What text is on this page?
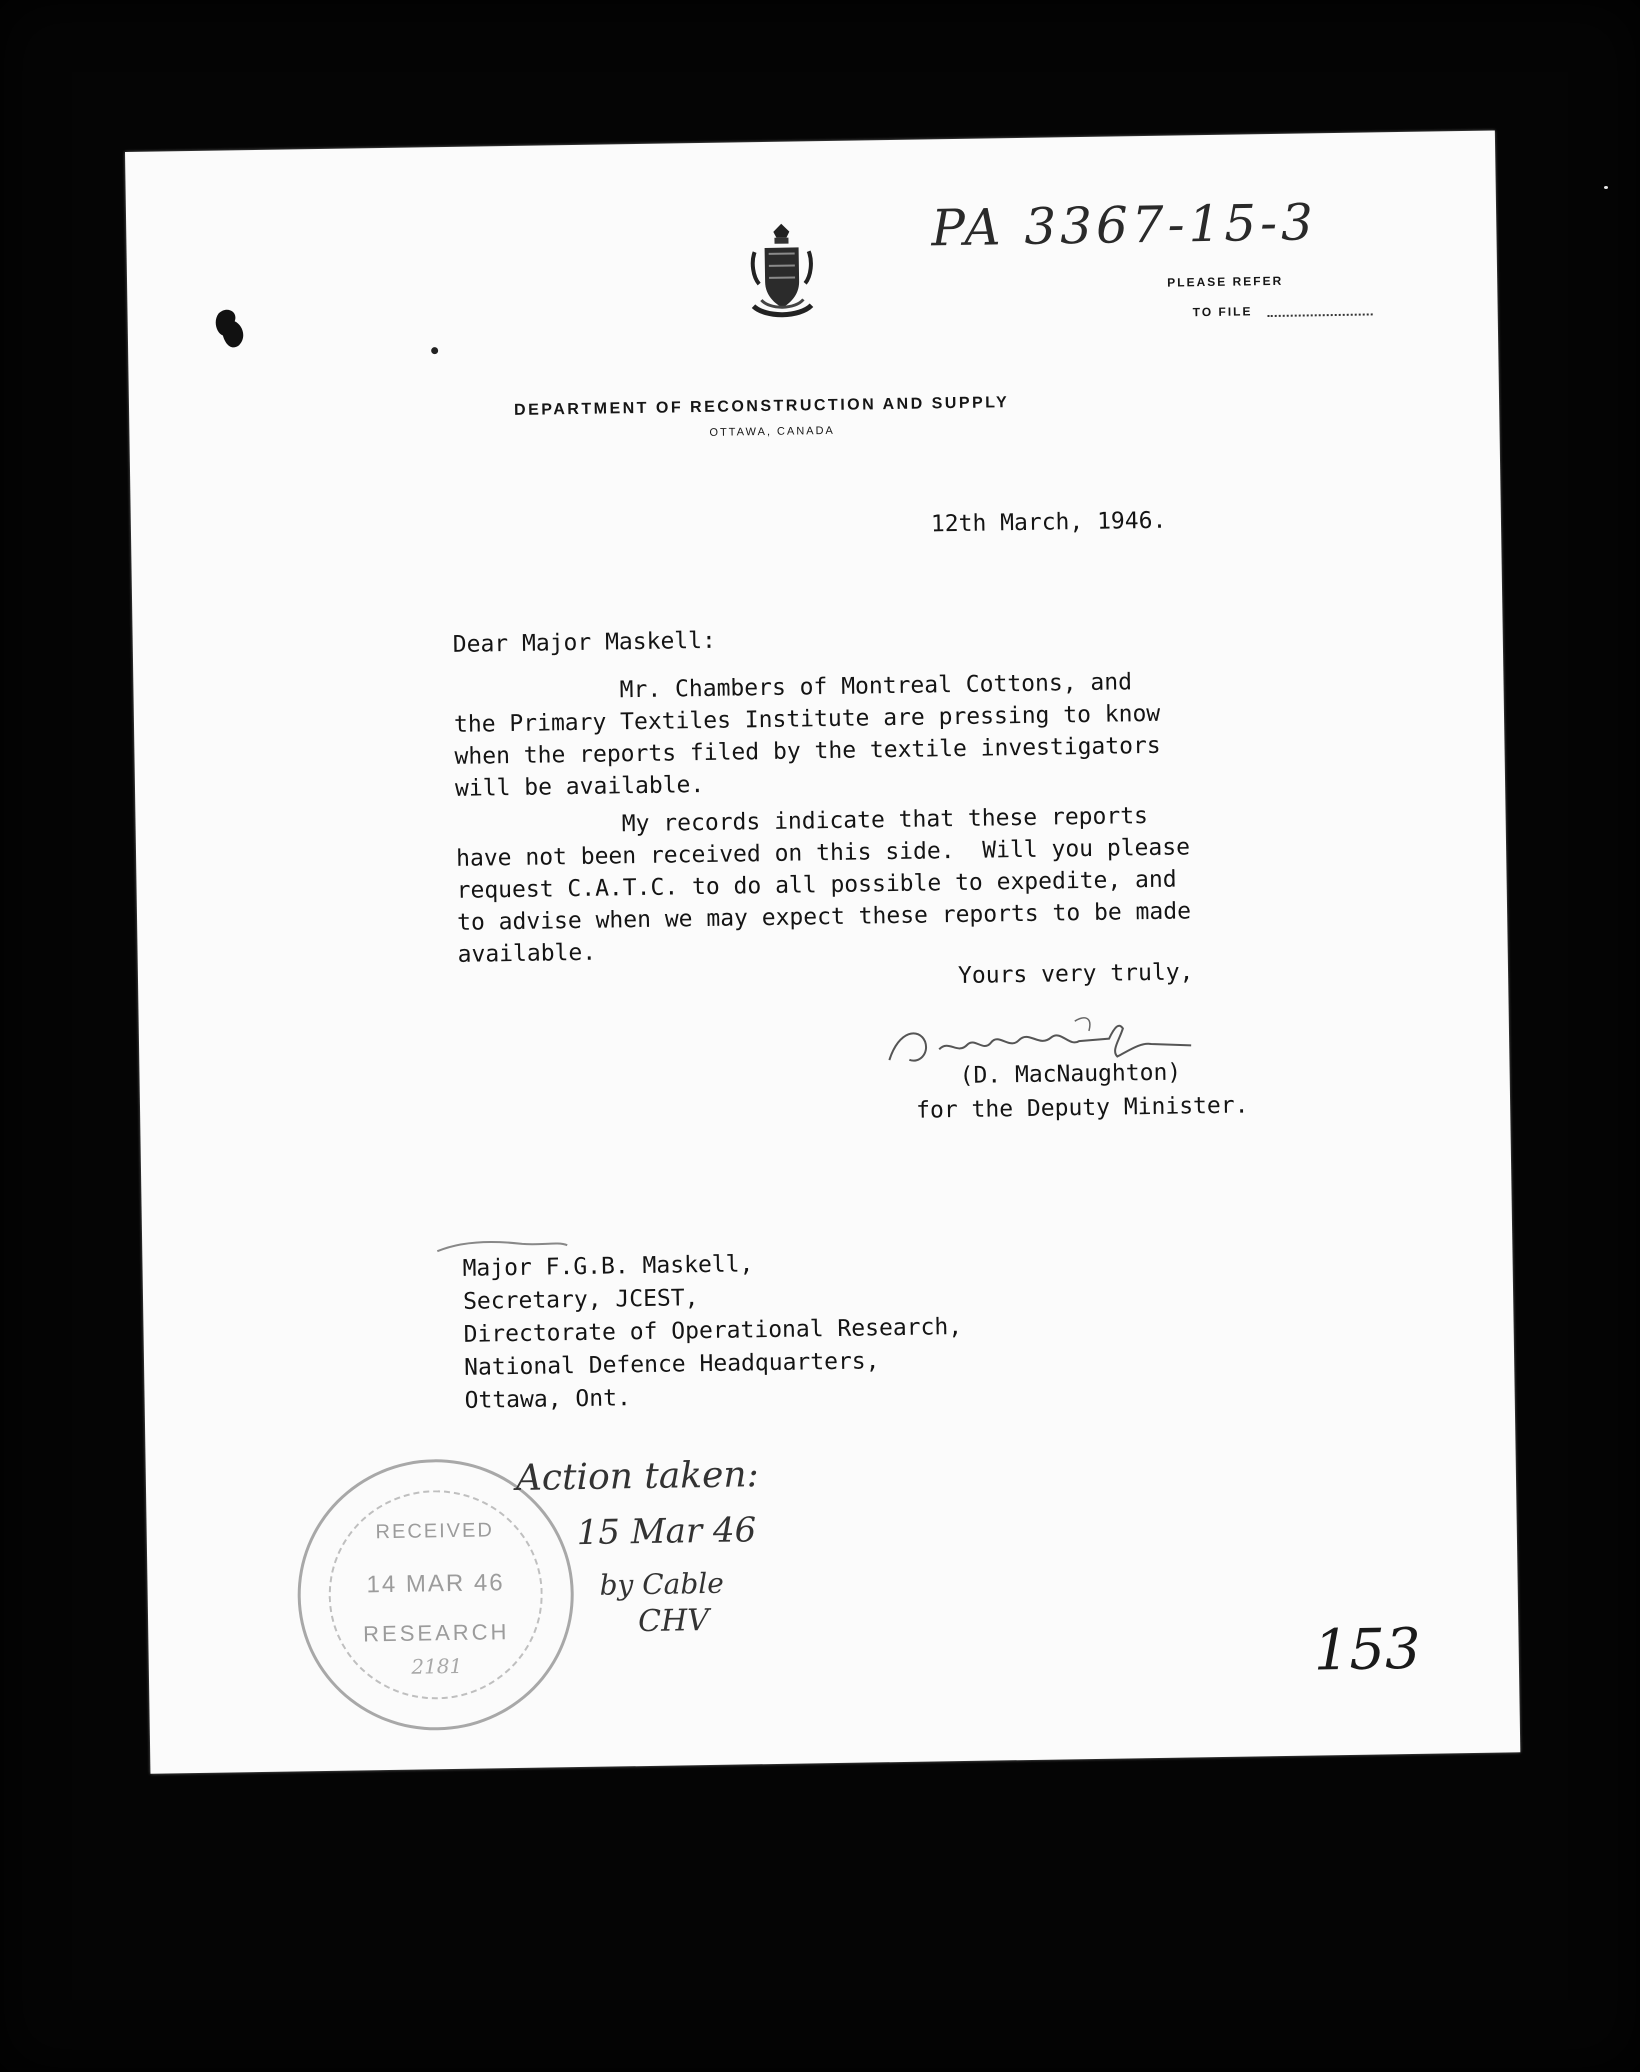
PA 3367-15-3
PLEASE REFER
TO FILE
DEPARTMENT OF RECONSTRUCTION AND SUPPLY
OTTAWA, CANADA
12th March, 1946.
Dear Major Maskell:
Mr. Chambers of Montreal Cottons, and
the Primary Textiles Institute are pressing to know
when the reports filed by the textile investigators
will be available.
My records indicate that these reports
have not been received on this side.  Will you please
request C.A.T.C. to do all possible to expedite, and
to advise when we may expect these reports to be made
available.
Yours very truly,
(D. MacNaughton)
for the Deputy Minister.
Major F.G.B. Maskell,
Secretary, JCEST,
Directorate of Operational Research,
National Defence Headquarters,
Ottawa, Ont.
RECEIVED
14 MAR 46
RESEARCH
2181
Action taken:
15 Mar 46
by Cable
CHV	153
